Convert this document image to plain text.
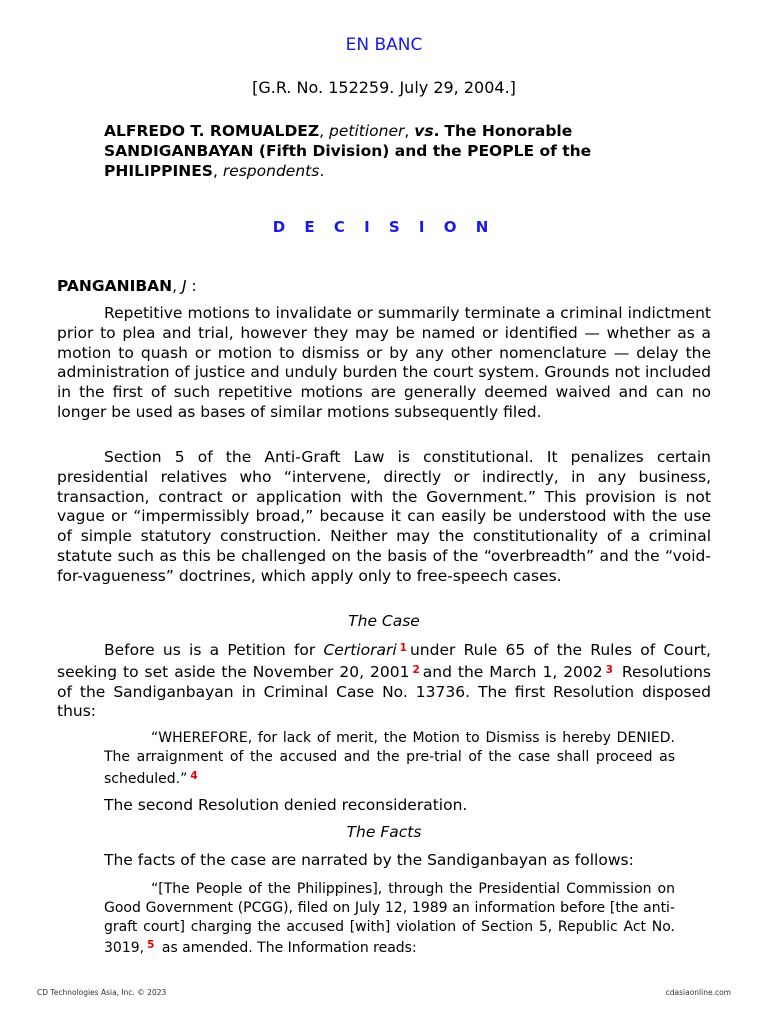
EN BANC
[G.R. No. 152259. July 29, 2004.]
ALFREDO T. ROMUALDEZ, petitioner, vs. The Honorable SANDIGANBAYAN (Fifth Division) and the PEOPLE of the PHILIPPINES, respondents.
D E C I S I O N
PANGANIBAN, J :

Repetitive motions to invalidate or summarily terminate a criminal indictment prior to plea and trial, however they may be named or identified — whether as a motion to quash or motion to dismiss or by any other nomenclature — delay the administration of justice and unduly burden the court system. Grounds not included in the first of such repetitive motions are generally deemed waived and can no longer be used as bases of similar motions subsequently filed.

Section 5 of the Anti-Graft Law is constitutional. It penalizes certain presidential relatives who “intervene, directly or indirectly, in any business, transaction, contract or application with the Government.” This provision is not vague or “impermissibly broad,” because it can easily be understood with the use of simple statutory construction. Neither may the constitutionality of a criminal statute such as this be challenged on the basis of the “overbreadth” and the “void-for-vagueness” doctrines, which apply only to free-speech cases.

The Case

Before us is a Petition for Certiorari $^1$ under Rule 65 of the Rules of Court, seeking to set aside the November 20, 2001 $^2$ and the March 1, 2002 $^3$ Resolutions of the Sandiganbayan in Criminal Case No. 13736. The first Resolution disposed thus:

“WHEREFORE, for lack of merit, the Motion to Dismiss is hereby DENIED. The arraignment of the accused and the pre-trial of the case shall proceed as scheduled.” $^4$

The second Resolution denied reconsideration.

The Facts

The facts of the case are narrated by the Sandiganbayan as follows:

“[The People of the Philippines], through the Presidential Commission on Good Government (PCGG), filed on July 12, 1989 an information before [the anti-graft court] charging the accused [with] violation of Section 5, Republic Act No. 3019, $^5$ as amended. The Information reads:

CD Technologies Asia, Inc. © 2023	cdasiaonline.com
